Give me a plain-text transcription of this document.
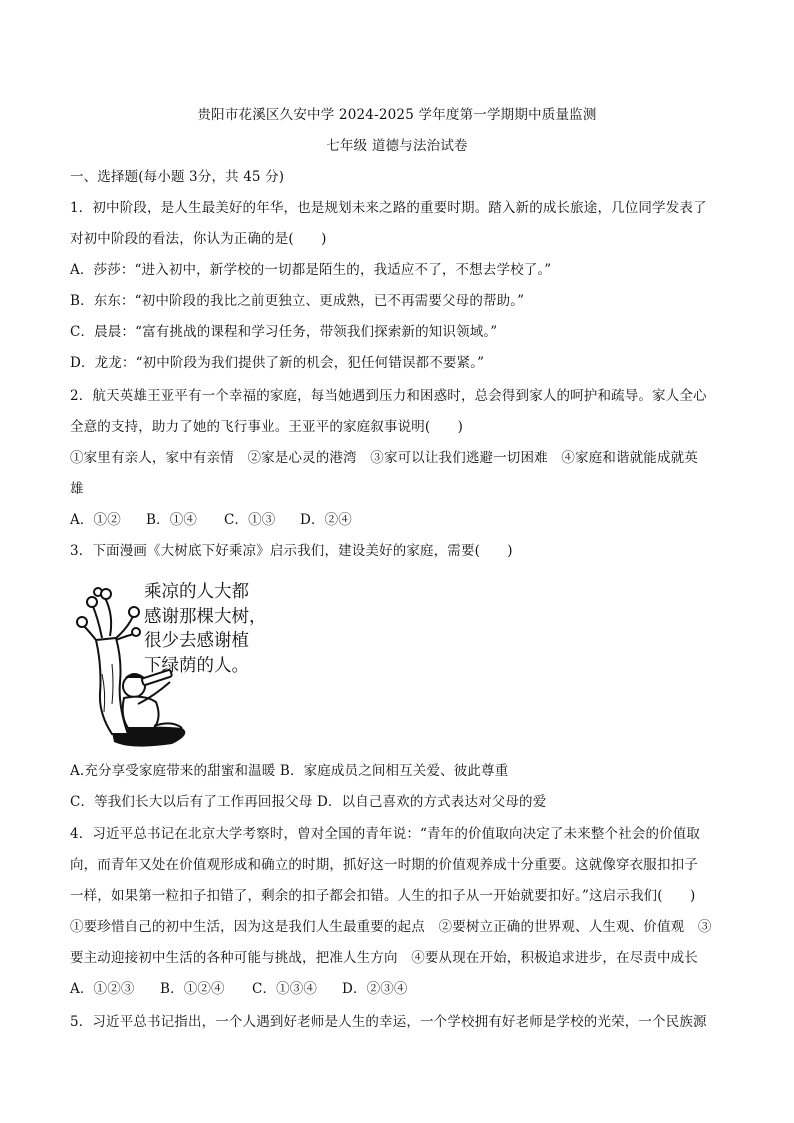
贵阳市花溪区久安中学 2024-2025 学年度第一学期期中质量监测
七年级 道德与法治试卷
一、选择题(每小题 3分，共 45 分)
1．初中阶段，是人生最美好的年华，也是规划未来之路的重要时期。踏入新的成长旅途，几位同学发表了
对初中阶段的看法，你认为正确的是(　　)
A．莎莎：“进入初中，新学校的一切都是陌生的，我适应不了，不想去学校了。”
B．东东：“初中阶段的我比之前更独立、更成熟，已不再需要父母的帮助。”
C．晨晨：“富有挑战的课程和学习任务，带领我们探索新的知识领域。”
D．龙龙：“初中阶段为我们提供了新的机会，犯任何错误都不要紧。”
2．航天英雄王亚平有一个幸福的家庭，每当她遇到压力和困惑时，总会得到家人的呵护和疏导。家人全心
全意的支持，助力了她的飞行事业。王亚平的家庭叙事说明(　　)
①家里有亲人，家中有亲情　②家是心灵的港湾　③家可以让我们逃避一切困难　④家庭和谐就能成就英
雄
A．①② B．①④ C．①③ D．②④
3．下面漫画《大树底下好乘凉》启示我们，建设美好的家庭，需要(　　)
乘凉的人大都
感谢那棵大树，
很少去感谢植
下绿荫的人。
A.充分享受家庭带来的甜蜜和温暖 B．家庭成员之间相互关爱、彼此尊重
C．等我们长大以后有了工作再回报父母 D．以自己喜欢的方式表达对父母的爱
4．习近平总书记在北京大学考察时，曾对全国的青年说：“青年的价值取向决定了未来整个社会的价值取
向，而青年又处在价值观形成和确立的时期，抓好这一时期的价值观养成十分重要。这就像穿衣服扣扣子
一样，如果第一粒扣子扣错了，剩余的扣子都会扣错。人生的扣子从一开始就要扣好。”这启示我们(　　)
①要珍惜自己的初中生活，因为这是我们人生最重要的起点　②要树立正确的世界观、人生观、价值观　③
要主动迎接初中生活的各种可能与挑战，把准人生方向　④要从现在开始，积极追求进步，在尽责中成长
A．①②③ B．①②④ C．①③④ D．②③④
5．习近平总书记指出，一个人遇到好老师是人生的幸运，一个学校拥有好老师是学校的光荣，一个民族源
